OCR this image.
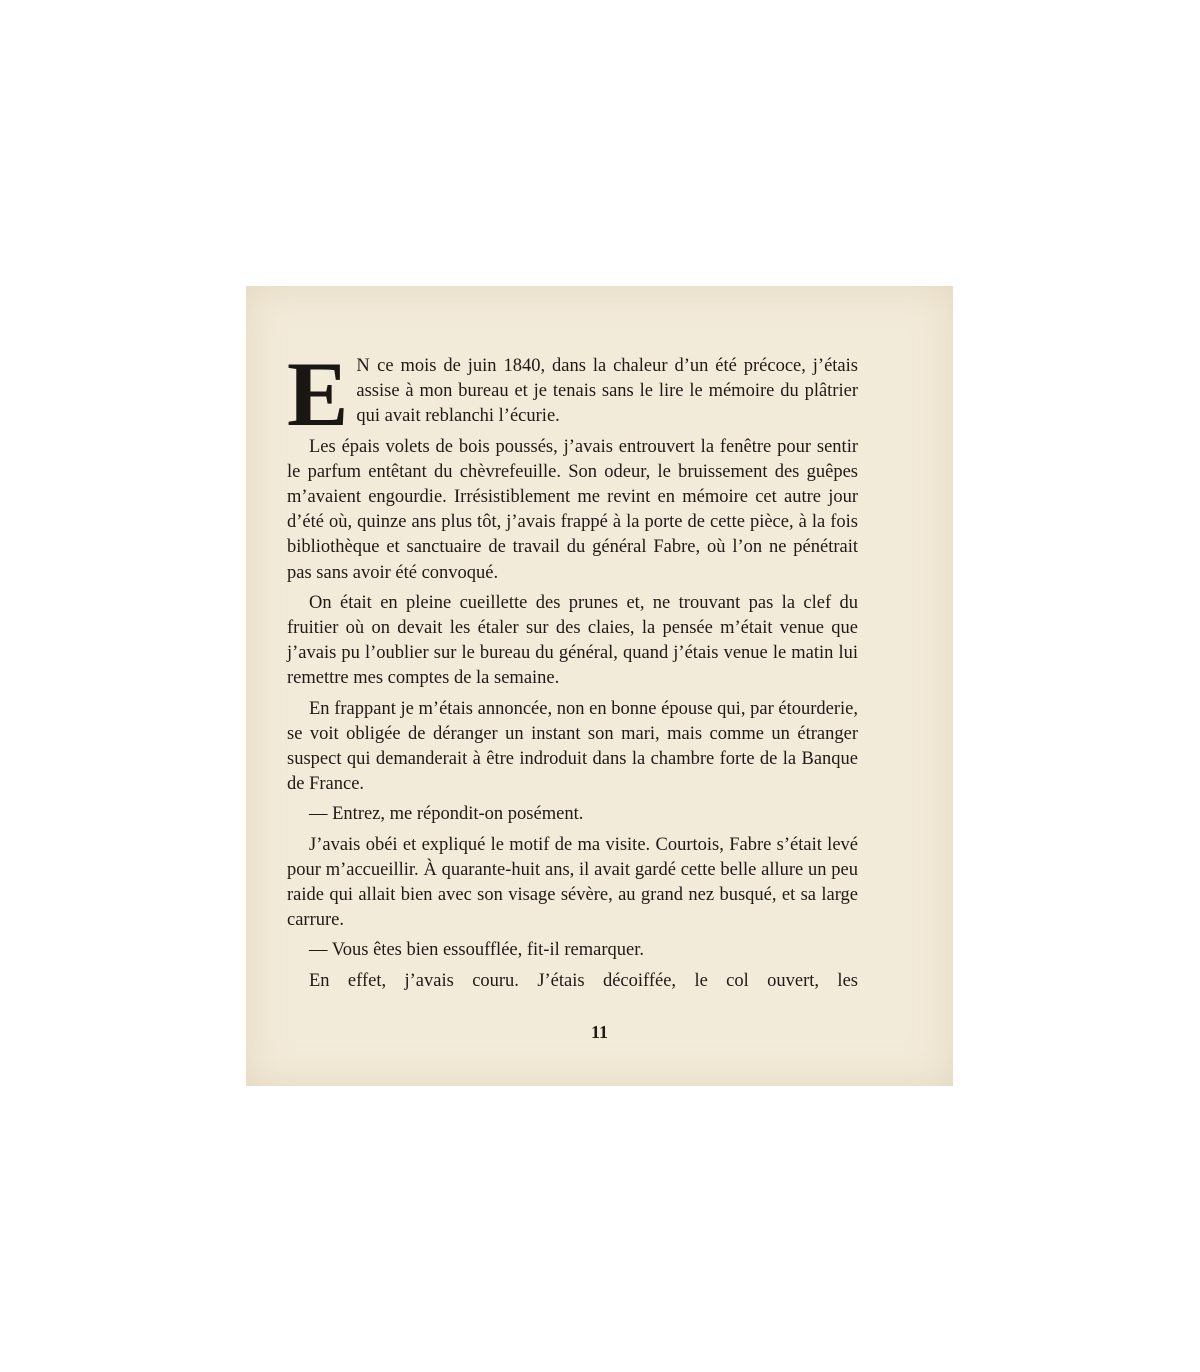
E N ce mois de juin 1840, dans la chaleur d’un été précoce, j’étais assise à mon bureau et je tenais sans le lire le mémoire du plâtrier qui avait reblanchi l’écurie.

Les épais volets de bois poussés, j’avais entrouvert la fenêtre pour sentir le parfum entêtant du chèvrefeuille. Son odeur, le bruissement des guêpes m’avaient engourdie. Irrésistiblement me revint en mémoire cet autre jour d’été où, quinze ans plus tôt, j’avais frappé à la porte de cette pièce, à la fois bibliothèque et sanctuaire de travail du général Fabre, où l’on ne pénétrait pas sans avoir été convoqué.

On était en pleine cueillette des prunes et, ne trouvant pas la clef du fruitier où on devait les étaler sur des claies, la pensée m’était venue que j’avais pu l’oublier sur le bureau du général, quand j’étais venue le matin lui remettre mes comptes de la semaine.

En frappant je m’étais annoncée, non en bonne épouse qui, par étourderie, se voit obligée de déranger un instant son mari, mais comme un étranger suspect qui demanderait à être indroduit dans la chambre forte de la Banque de France.

— Entrez, me répondit-on posément.

J’avais obéi et expliqué le motif de ma visite. Courtois, Fabre s’était levé pour m’accueillir. À quarante-huit ans, il avait gardé cette belle allure un peu raide qui allait bien avec son visage sévère, au grand nez busqué, et sa large carrure.

— Vous êtes bien essoufflée, fit-il remarquer.

En effet, j’avais couru. J’étais décoiffée, le col ouvert, les

11
